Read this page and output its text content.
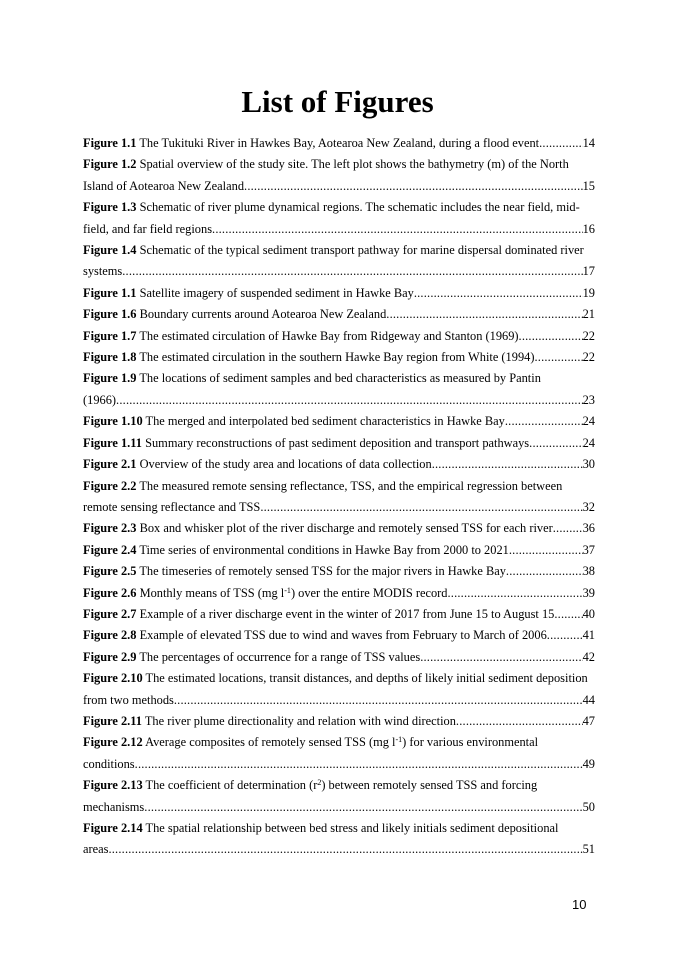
List of Figures
Figure 1.1 The Tukituki River in Hawkes Bay, Aotearoa New Zealand, during a flood event .....	14
Figure 1.2 Spatial overview of the study site. The left plot shows the bathymetry (m) of the North
Island of Aotearoa New Zealand .....	15
Figure 1.3 Schematic of river plume dynamical regions. The schematic includes the near field, mid-
field, and far field regions .....	16
Figure 1.4 Schematic of the typical sediment transport pathway for marine dispersal dominated river
systems .....	17
Figure 1.1 Satellite imagery of suspended sediment in Hawke Bay .....	19
Figure 1.6 Boundary currents around Aotearoa New Zealand .....	21
Figure 1.7 The estimated circulation of Hawke Bay from Ridgeway and Stanton (1969) .....	22
Figure 1.8 The estimated circulation in the southern Hawke Bay region from White (1994) .....	22
Figure 1.9 The locations of sediment samples and bed characteristics as measured by Pantin
(1966) .....	23
Figure 1.10 The merged and interpolated bed sediment characteristics in Hawke Bay .....	24
Figure 1.11 Summary reconstructions of past sediment deposition and transport pathways .....	24
Figure 2.1 Overview of the study area and locations of data collection .....	30
Figure 2.2 The measured remote sensing reflectance, TSS, and the empirical regression between
remote sensing reflectance and TSS .....	32
Figure 2.3 Box and whisker plot of the river discharge and remotely sensed TSS for each river ..... 36
Figure 2.4 Time series of environmental conditions in Hawke Bay from 2000 to 2021 .....	37
Figure 2.5 The timeseries of remotely sensed TSS for the major rivers in Hawke Bay .....	38
Figure 2.6 Monthly means of TSS (mg $l^{-1}$) over the entire MODIS record .....	39
Figure 2.7 Example of a river discharge event in the winter of 2017 from June 15 to August 15 ..... 40
Figure 2.8 Example of elevated TSS due to wind and waves from February to March of 2006 .....	41
Figure 2.9 The percentages of occurrence for a range of TSS values .....	42
Figure 2.10 The estimated locations, transit distances, and depths of likely initial sediment deposition
from two methods .....	44
Figure 2.11 The river plume directionality and relation with wind direction .....	47
Figure 2.12 Average composites of remotely sensed TSS (mg $l^{-1}$) for various environmental
conditions .....	49
Figure 2.13 The coefficient of determination $(r^2)$ between remotely sensed TSS and forcing
mechanisms .....	50
Figure 2.14 The spatial relationship between bed stress and likely initials sediment depositional
areas .....	51
10
